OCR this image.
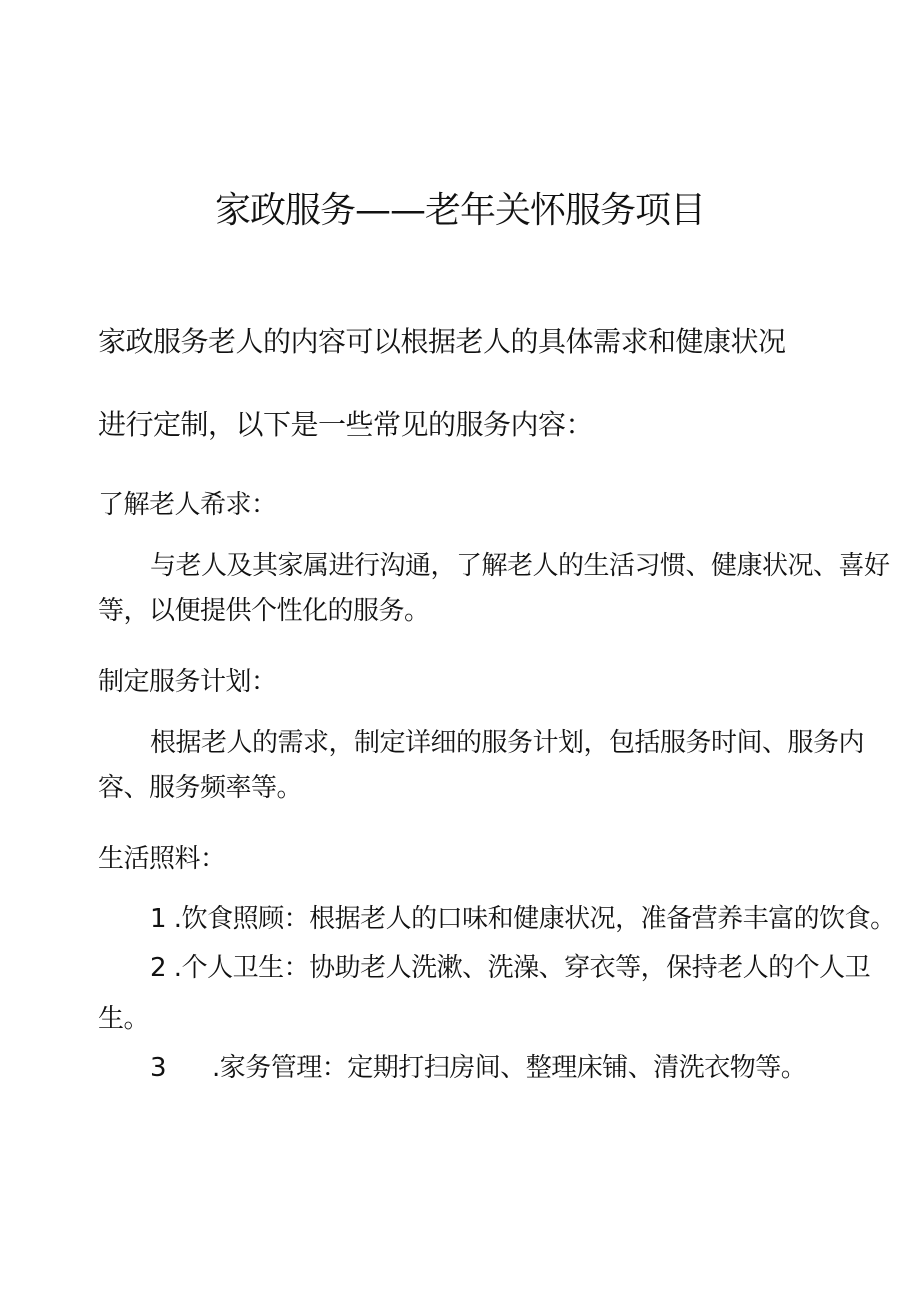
家政服务——老年关怀服务项目
家政服务老人的内容可以根据老人的具体需求和健康状况
进行定制，以下是一些常见的服务内容：
了解老人希求：
与老人及其家属进行沟通，了解老人的生活习惯、健康状况、喜好
等，以便提供个性化的服务。
制定服务计划：
根据老人的需求，制定详细的服务计划，包括服务时间、服务内
容、服务频率等。
生活照料：
1 .饮食照顾：根据老人的口味和健康状况，准备营养丰富的饮食。
2 .个人卫生：协助老人洗漱、洗澡、穿衣等，保持老人的个人卫
生。
3 .家务管理：定期打扫房间、整理床铺、清洗衣物等。
